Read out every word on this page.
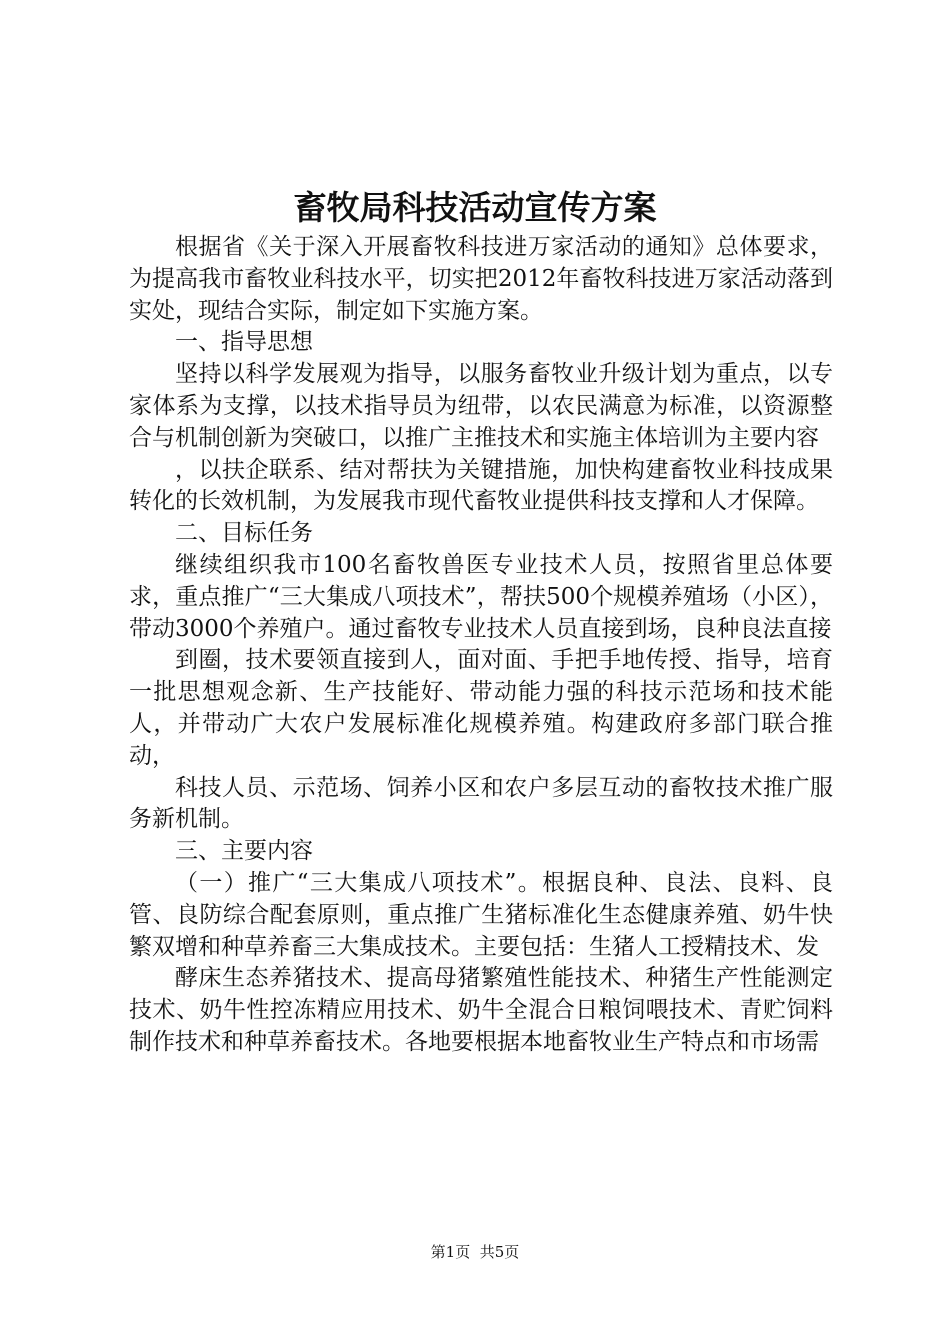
畜牧局科技活动宣传方案

根据省《关于深入开展畜牧科技进万家活动的通知》总体要求，为提高我市畜牧业科技水平，切实把2012年畜牧科技进万家活动落到实处，现结合实际，制定如下实施方案。

一、指导思想

坚持以科学发展观为指导，以服务畜牧业升级计划为重点，以专家体系为支撑，以技术指导员为纽带，以农民满意为标准，以资源整合与机制创新为突破口，以推广主推技术和实施主体培训为主要内容

，以扶企联系、结对帮扶为关键措施，加快构建畜牧业科技成果转化的长效机制，为发展我市现代畜牧业提供科技支撑和人才保障。

二、目标任务

继续组织我市100名畜牧兽医专业技术人员，按照省里总体要求，重点推广“三大集成八项技术”，帮扶500个规模养殖场（小区），带动3000个养殖户。通过畜牧专业技术人员直接到场，良种良法直接

到圈，技术要领直接到人，面对面、手把手地传授、指导，培育一批思想观念新、生产技能好、带动能力强的科技示范场和技术能人，并带动广大农户发展标准化规模养殖。构建政府多部门联合推动，

科技人员、示范场、饲养小区和农户多层互动的畜牧技术推广服务新机制。

三、主要内容

（一）推广“三大集成八项技术”。根据良种、良法、良料、良管、良防综合配套原则，重点推广生猪标准化生态健康养殖、奶牛快繁双增和种草养畜三大集成技术。主要包括：生猪人工授精技术、发

酵床生态养猪技术、提高母猪繁殖性能技术、种猪生产性能测定技术、奶牛性控冻精应用技术、奶牛全混合日粮饲喂技术、青贮饲料制作技术和种草养畜技术。各地要根据本地畜牧业生产特点和市场需

第1页 共5页
